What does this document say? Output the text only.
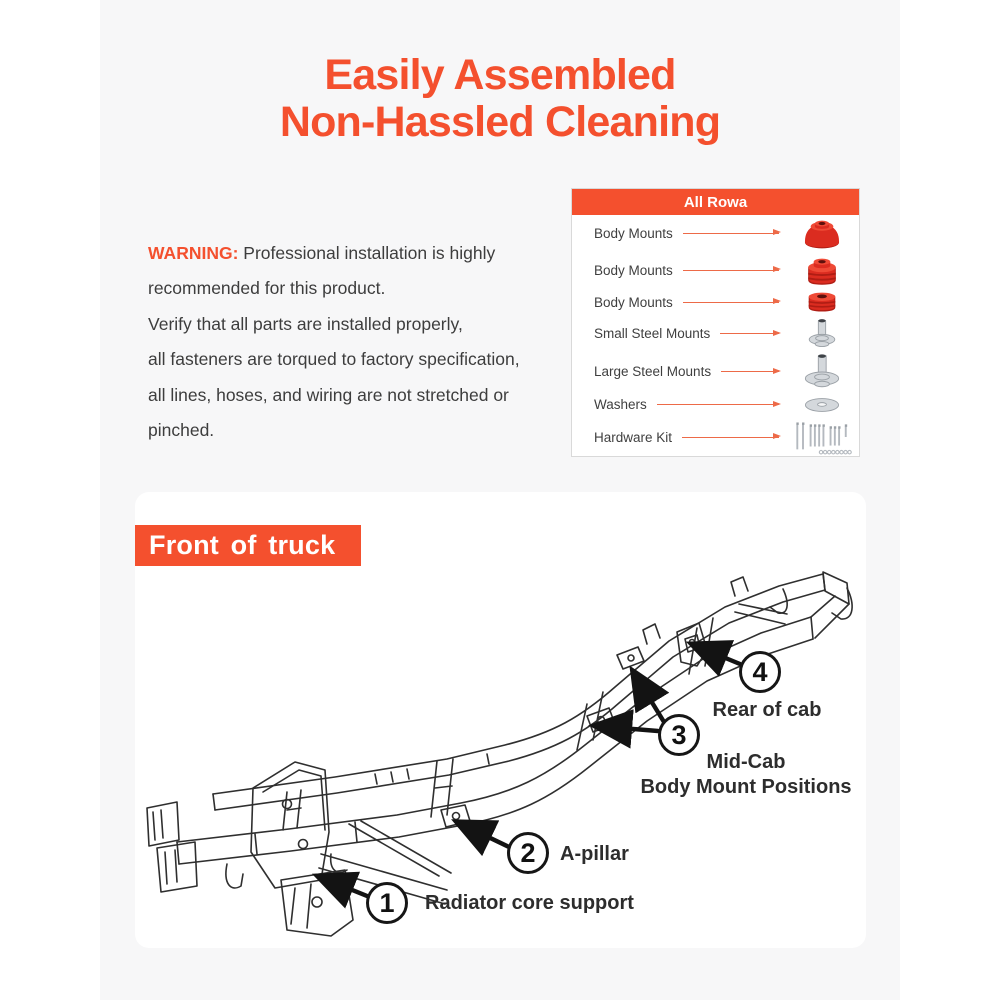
Easily Assembled
Non-Hassled Cleaning
WARNING: Professional installation is highly
recommended for this product.
Verify that all parts are installed properly,
all fasteners are torqued to factory specification,
all lines, hoses, and wiring are not stretched or pinched.
All Rowa
Body Mounts
Body Mounts
Body Mounts
Small Steel Mounts
Large Steel Mounts
Washers
Hardware Kit
Front of truck
1
2
3
4
Radiator core support
A-pillar
Mid-Cab
Body Mount Positions
Rear of cab
